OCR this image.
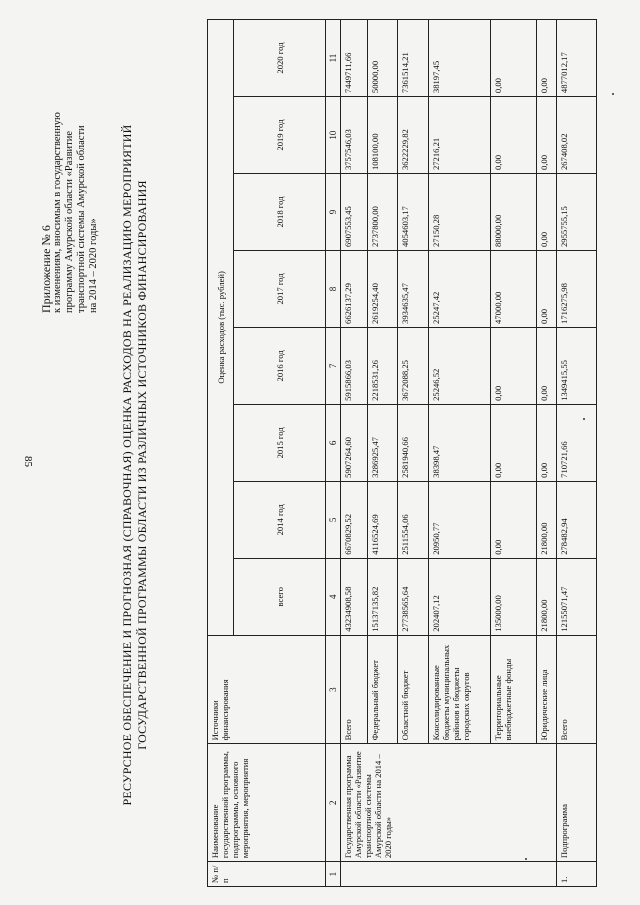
85
Приложение № 6 к изменениям, вносимым в государственную программу Амурской области «Развитие транспортной системы Амурской области на 2014 – 2020 годы» РЕСУРСНОЕ ОБЕСПЕЧЕНИЕ И ПРОГНОЗНАЯ (СПРАВОЧНАЯ) ОЦЕНКА РАСХОДОВ НА РЕАЛИЗАЦИЮ МЕРОПРИЯТИЙ ГОСУДАРСТВЕННОЙ ПРОГРАММЫ ОБЛАСТИ ИЗ РАЗЛИЧНЫХ ИСТОЧНИКОВ ФИНАНСИРОВАНИЯ
№ п/п	Наименование государственной программы, подпрограммы, основного мероприятия, мероприятия	Источники финансирования	Оценка расходов (тыс. рублей)							
			всего	2014 год	2015 год	2016 год	2017 год	2018 год	2019 год	2020 год
1	2	3	4	5	6	7	8	9	10	11
	Государственная программа Амурской области «Развитие транспортной системы Амурской области на 2014 – 2020 годы»	Всего	43234908,58	6670829,52	5907264,60	5915866,03	6626137,29	6907553,45	3757546,03	7449711,66
		Федеральный бюджет	15137135,82	4116524,69	3286925,47	2218531,26	2619254,40	2737800,00	108100,00	50000,00
		Областной бюджет	27738565,64	2511554,06	2581940,66	3672088,25	3934635,47	4054603,17	3622229,82	7361514,21
		Консолидированные бюджеты муниципальных районов и бюджеты городских округов	202407,12	20950,77	38398,47	25246,52	25247,42	27150,28	27216,21	38197,45
		Территориальные внебюджетные фонды	135000,00	0,00	0,00	0,00	47000,00	88000,00	0,00	0,00
		Юридические лица	21800,00	21800,00	0,00	0,00	0,00	0,00	0,00	0,00
1.	Подпрограмма	Всего	12155071,47	278482,94	710721,66	1349415,55	1716275,98	2955755,15	267408,02	4877012,17
